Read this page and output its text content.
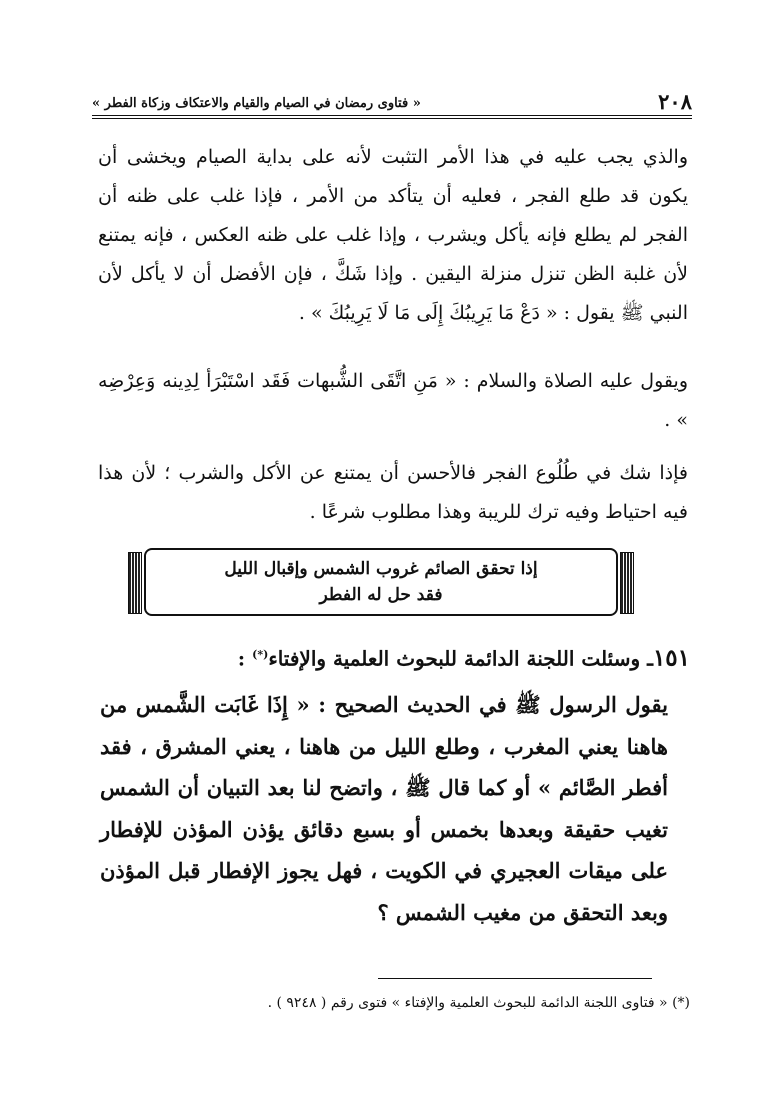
٢٠٨
« فتاوى رمضان في الصيام والقيام والاعتكاف وزكاة الفطر »
والذي يجب عليه في هذا الأمر التثبت لأنه على بداية الصيام ويخشى أن يكون قد طلع الفجر ، فعليه أن يتأكد من الأمر ، فإذا غلب على ظنه أن الفجر لم يطلع فإنه يأكل ويشرب ، وإذا غلب على ظنه العكس ، فإنه يمتنع لأن غلبة الظن تنزل منزلة اليقين . وإذا شَكَّ ، فإن الأفضل أن لا يأكل لأن النبي ﷺ يقول : « دَعْ مَا يَرِيبُكَ إِلَى مَا لَا يَرِيبُكَ » .
ويقول عليه الصلاة والسلام : « مَنِ اتَّقَى الشُّبهات فَقَد اسْتَبْرَأ لِدِينه وَعِرْضِه » .
فإذا شك في طُلُوع الفجر فالأحسن أن يمتنع عن الأكل والشرب ؛ لأن هذا فيه احتياط وفيه ترك للريبة وهذا مطلوب شرعًا .
إذا تحقق الصائم غروب الشمس وإقبال الليل
فقد حل له الفطر
١٥١ـ وسئلت اللجنة الدائمة للبحوث العلمية والإفتاء(*) :
يقول الرسول ﷺ في الحديث الصحيح : « إِذَا غَابَت الشَّمس من هاهنا يعني المغرب ، وطلع الليل من هاهنا ، يعني المشرق ، فقد أفطر الصَّائم » أو كما قال ﷺ ، واتضح لنا بعد التبيان أن الشمس تغيب حقيقة وبعدها بخمس أو بسبع دقائق يؤذن المؤذن للإفطار على ميقات العجيري في الكويت ، فهل يجوز الإفطار قبل المؤذن وبعد التحقق من مغيب الشمس ؟
(*) « فتاوى اللجنة الدائمة للبحوث العلمية والإفتاء » فتوى رقم ( ٩٢٤٨ ) .
